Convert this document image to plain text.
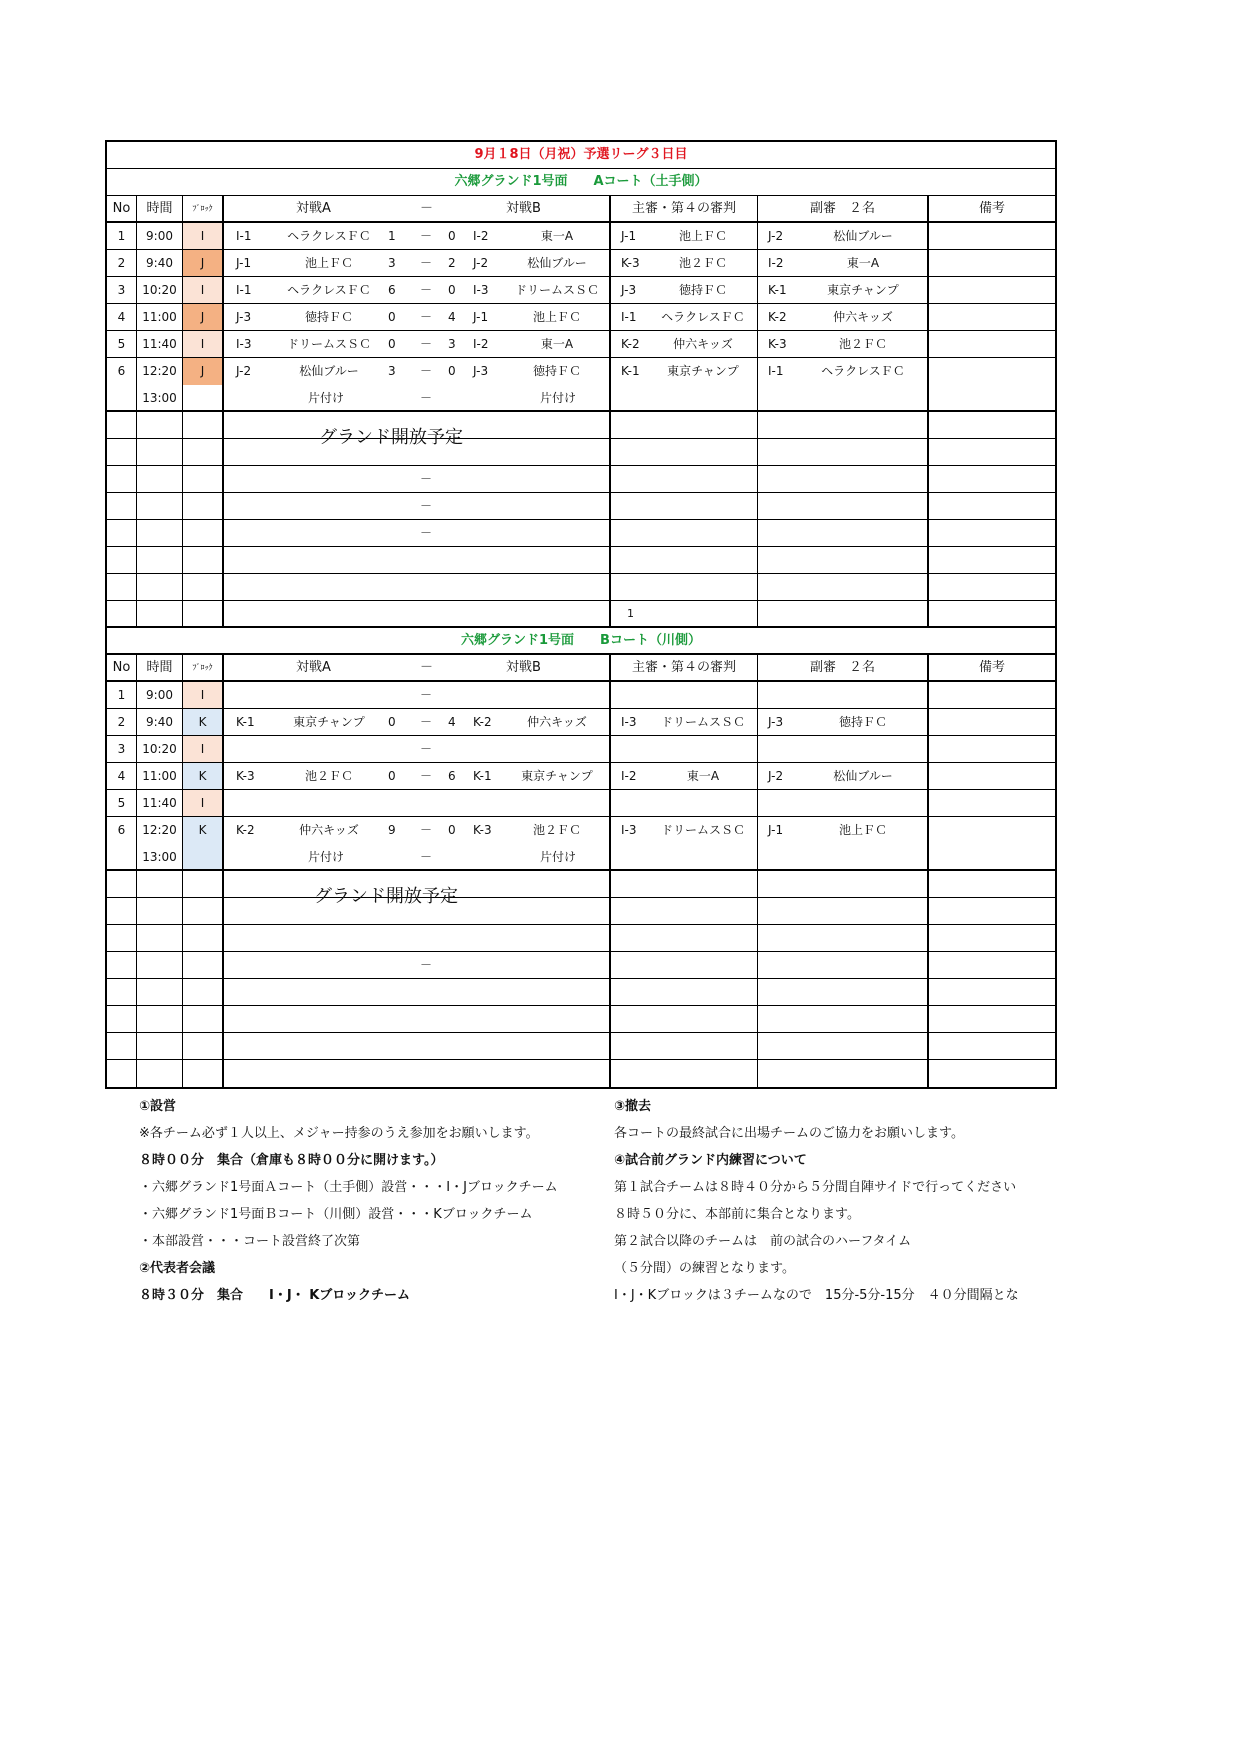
9月１8日（月祝）予選リーグ３日目
六郷グランド1号面　　Aコート（土手側）
No	時間	ﾌﾞﾛｯｸ	対戦A	－	対戦B	主審・第４の審判	副審　２名	備考
1	9:00	I	I-1	ヘラクレスＦＣ	1 － 0 I-2	東一A	J-1	池上ＦＣ	J-2	松仙ブルー
2	9:40	J	J-1	池上ＦＣ	3 － 2 J-2	松仙ブルー	K-3	池２ＦＣ	I-2	東一A
3	10:20	I	I-1	ヘラクレスＦＣ	6 － 0 I-3	ドリームスＳＣ	J-3	徳持ＦＣ	K-1	東京チャンプ
4	11:00	J	J-3	徳持ＦＣ	0 － 4 J-1	池上ＦＣ	I-1	ヘラクレスＦＣ	K-2	仲六キッズ
5	11:40	I	I-3	ドリームスＳＣ	0 － 3 I-2	東一A	K-2	仲六キッズ	K-3	池２ＦＣ
6	12:20	J	J-2	松仙ブルー	3 － 0 J-3	徳持ＦＣ	K-1	東京チャンプ	I-1	ヘラクレスＦＣ
13:00	片付け	－	片付け
グランド開放予定
－
－
－
1
六郷グランド1号面　　Bコート（川側）
No	時間	ﾌﾞﾛｯｸ	対戦A	－	対戦B	主審・第４の審判	副審　２名	備考
1	9:00	I	－
2	9:40	K	K-1	東京チャンプ	0 － 4 K-2	仲六キッズ	I-3	ドリームスＳＣ	J-3	徳持ＦＣ
3	10:20	I	－
4	11:00	K	K-3	池２ＦＣ	0 － 6 K-1	東京チャンプ	I-2	東一A	J-2	松仙ブルー
5	11:40	I
6	12:20	K	K-2	仲六キッズ	9 － 0 K-3	池２ＦＣ	I-3	ドリームスＳＣ	J-1	池上ＦＣ
13:00	片付け	－	片付け
グランド開放予定
－
①設営
※各チーム必ず１人以上、メジャー持参のうえ参加をお願いします。
８時００分　集合（倉庫も８時００分に開けます。）
・六郷グランド1号面Ａコート（土手側）設営・・・I・Jブロックチーム
・六郷グランド1号面Ｂコート（川側）設営・・・Kブロックチーム
・本部設営・・・コート設営終了次第
②代表者会議
８時３０分　集合　　I・J・ Kブロックチーム
③撤去
各コートの最終試合に出場チームのご協力をお願いします。
④試合前グランド内練習について
第１試合チームは８時４０分から５分間自陣サイドで行ってください
８時５０分に、本部前に集合となります。
第２試合以降のチームは　前の試合のハーフタイム
（５分間）の練習となります。
I・J・Kブロックは３チームなので　15分-5分-15分　４０分間隔とな
